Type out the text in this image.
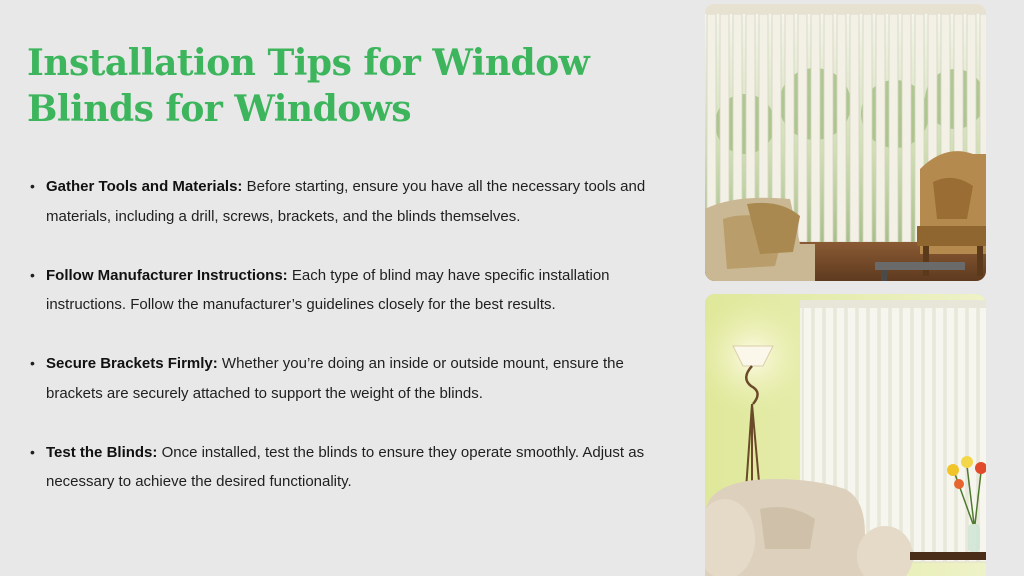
Installation Tips for Window Blinds for Windows
• Gather Tools and Materials: Before starting, ensure you have all the necessary tools and materials, including a drill, screws, brackets, and the blinds themselves.
• Follow Manufacturer Instructions: Each type of blind may have specific installation instructions. Follow the manufacturer’s guidelines closely for the best results.
• Secure Brackets Firmly: Whether you’re doing an inside or outside mount, ensure the brackets are securely attached to support the weight of the blinds.
• Test the Blinds: Once installed, test the blinds to ensure they operate smoothly. Adjust as necessary to achieve the desired functionality.
